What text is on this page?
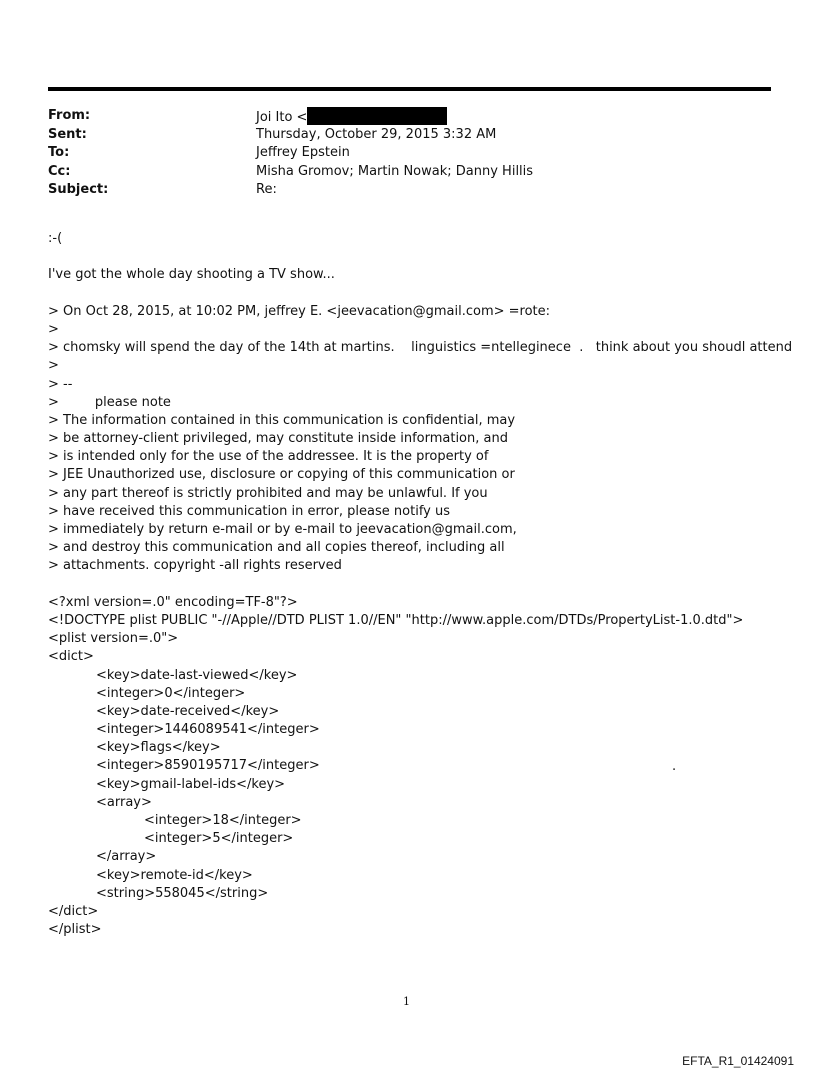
From:	Joi Ito <
Sent:	Thursday, October 29, 2015 3:32 AM
To:	Jeffrey Epstein
Cc:	Misha Gromov; Martin Nowak; Danny Hillis
Subject:	Re:
:-(
I've got the whole day shooting a TV show...
> On Oct 28, 2015, at 10:02 PM, jeffrey E. <jeevacation@gmail.com> =rote:
>
> chomsky will spend the day of the 14th at martins.    linguistics =ntelleginece  .   think about you shoudl attend
>
> --
>	please note
> The information contained in this communication is confidential, may
> be attorney-client privileged, may constitute inside information, and
> is intended only for the use of the addressee. It is the property of
> JEE Unauthorized use, disclosure or copying of this communication or
> any part thereof is strictly prohibited and may be unlawful. If you
> have received this communication in error, please notify us
> immediately by return e-mail or by e-mail to jeevacation@gmail.com,
> and destroy this communication and all copies thereof, including all
> attachments. copyright -all rights reserved
<?xml version=.0" encoding=TF-8"?>
<!DOCTYPE plist PUBLIC "-//Apple//DTD PLIST 1.0//EN" "http://www.apple.com/DTDs/PropertyList-1.0.dtd">
<plist version=.0">
<dict>
<key>date-last-viewed</key>
<integer>0</integer>
<key>date-received</key>
<integer>1446089541</integer>
<key>flags</key>
<integer>8590195717</integer>
<key>gmail-label-ids</key>
<array>
<integer>18</integer>
<integer>5</integer>
</array>
<key>remote-id</key>
<string>558045</string>
</dict>
</plist>
.
1
EFTA_R1_01424091
